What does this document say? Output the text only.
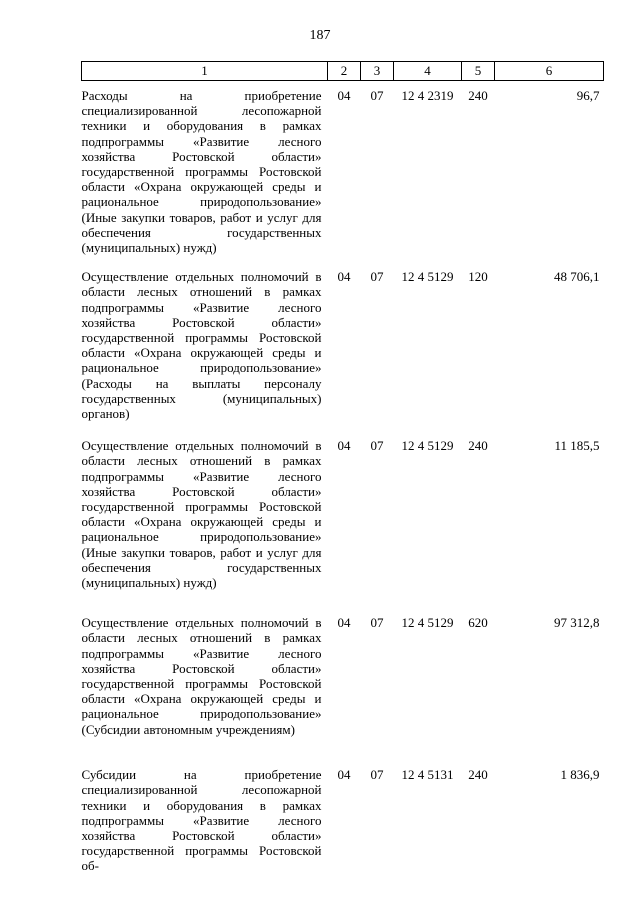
187
1	2	3	4	5	6
Расходы на приобретение специализированной лесопожарной техники и оборудования в рамках подпрограммы «Развитие лесного хозяйства Ростовской области» государственной программы Ростовской области «Охрана окружающей среды и рациональное природопользование» (Иные закупки товаров, работ и услуг для обеспечения государственных (муниципальных) нужд)	04	07	12 4 2319	240	96,7
Осуществление отдельных полномочий в области лесных отношений в рамках подпрограммы «Развитие лесного хозяйства Ростовской области» государственной программы Ростовской области «Охрана окружающей среды и рациональное природопользование» (Расходы на выплаты персоналу государственных (муниципальных) органов)	04	07	12 4 5129	120	48 706,1
Осуществление отдельных полномочий в области лесных отношений в рамках подпрограммы «Развитие лесного хозяйства Ростовской области» государственной программы Ростовской области «Охрана окружающей среды и рациональное природопользование» (Иные закупки товаров, работ и услуг для обеспечения государственных (муниципальных) нужд)	04	07	12 4 5129	240	11 185,5
Осуществление отдельных полномочий в области лесных отношений в рамках подпрограммы «Развитие лесного хозяйства Ростовской области» государственной программы Ростовской области «Охрана окружающей среды и рациональное природопользование» (Субсидии автономным учреждениям)	04	07	12 4 5129	620	97 312,8
Субсидии на приобретение специализированной лесопожарной техники и оборудования в рамках подпрограммы «Развитие лесного хозяйства Ростовской области» государственной программы Ростовской об-	04	07	12 4 5131	240	1 836,9
